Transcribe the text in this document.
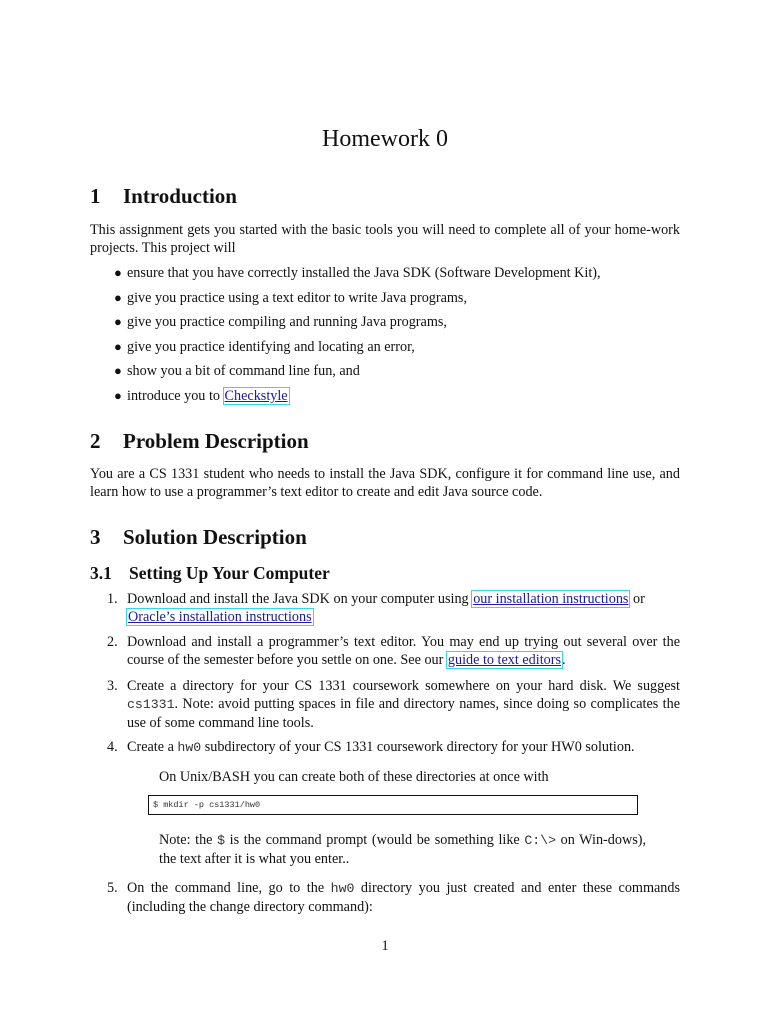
Homework 0
1 Introduction

This assignment gets you started with the basic tools you will need to complete all of your home-work projects. This project will

● ensure that you have correctly installed the Java SDK (Software Development Kit),
● give you practice using a text editor to write Java programs,
● give you practice compiling and running Java programs,
● give you practice identifying and locating an error,
● show you a bit of command line fun, and
● introduce you to Checkstyle
2 Problem Description

You are a CS 1331 student who needs to install the Java SDK, configure it for command line use, and learn how to use a programmer’s text editor to create and edit Java source code.

3 Solution Description
3.1 Setting Up Your Computer
1. Download and install the Java SDK on your computer using our installation instructions or
Oracle’s installation instructions
2. Download and install a programmer’s text editor. You may end up trying out several over the course of the semester before you settle on one. See our guide to text editors.
3. Create a directory for your CS 1331 coursework somewhere on your hard disk. We suggest cs1331. Note: avoid putting spaces in file and directory names, since doing so complicates the use of some command line tools.
4. Create a hw0 subdirectory of your CS 1331 coursework directory for your HW0 solution.

On Unix/BASH you can create both of these directories at once with

$ mkdir -p cs1331/hw0

Note: the $ is the command prompt (would be something like C:\> on Win-dows), the text after it is what you enter..

5. On the command line, go to the hw0 directory you just created and enter these commands (including the change directory command):
1
